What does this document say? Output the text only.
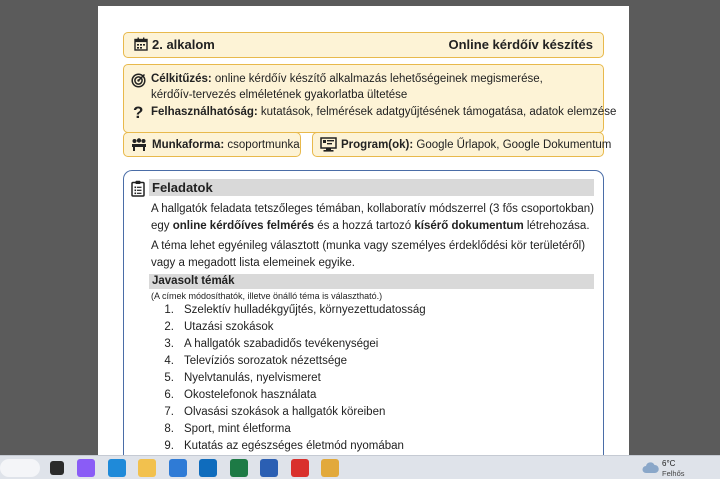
2. alkalom	Online kérdőív készítés
Célkitűzés: online kérdőív készítő alkalmazás lehetőségeinek megismerése, kérdőív-tervezés elméletének gyakorlatba ültetése
? Felhasználhatóság: kutatások, felmérések adatgyűjtésének támogatása, adatok elemzése
Munkaforma: csoportmunka	Program(ok): Google Űrlapok, Google Dokumentum
Feladatok
A hallgatók feladata tetszőleges témában, kollaboratív módszerrel (3 fős csoportokban) egy online kérdőíves felmérés és a hozzá tartozó kísérő dokumentum létrehozása.
A téma lehet egyénileg választott (munka vagy személyes érdeklődési kör területéről) vagy a megadott lista elemeinek egyike.
Javasolt témák
(A címek módosíthatók, illetve önálló téma is választható.)
1. Szelektív hulladékgyűjtés, környezettudatosság
2. Utazási szokások
3. A hallgatók szabadidős tevékenységei
4. Televíziós sorozatok nézettsége
5. Nyelvtanulás, nyelvismeret
6. Okostelefonok használata
7. Olvasási szokások a hallgatók köreiben
8. Sport, mint életforma
9. Kutatás az egészséges életmód nyomában
6°C
Felhős
